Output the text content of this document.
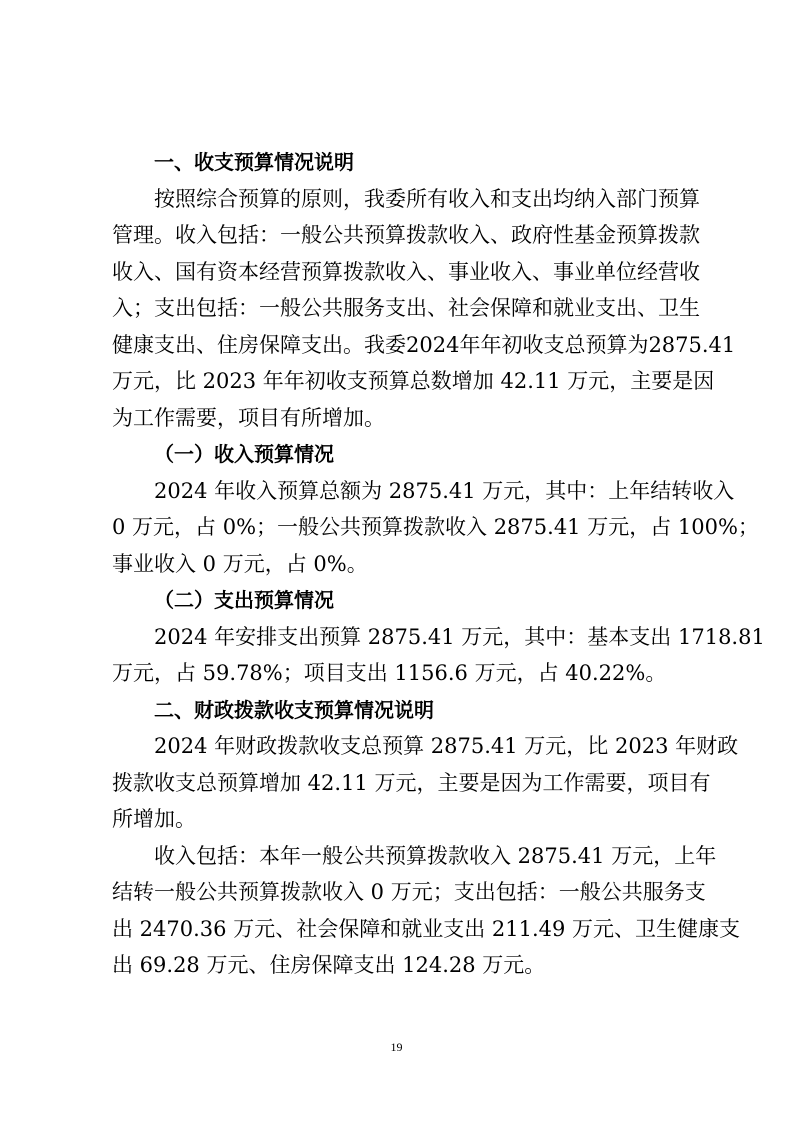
一、收支预算情况说明
按照综合预算的原则，我委所有收入和支出均纳入部门预算
管理。收入包括：一般公共预算拨款收入、政府性基金预算拨款
收入、国有资本经营预算拨款收入、事业收入、事业单位经营收
入；支出包括：一般公共服务支出、社会保障和就业支出、卫生
健康支出、住房保障支出。我委2024年年初收支总预算为2875.41
万元，比 2023 年年初收支预算总数增加 42.11 万元，主要是因
为工作需要，项目有所增加。
（一）收入预算情况
2024 年收入预算总额为 2875.41 万元，其中：上年结转收入
0 万元，占 0%；一般公共预算拨款收入 2875.41 万元，占 100%；
事业收入 0 万元，占 0%。
（二）支出预算情况
2024 年安排支出预算 2875.41 万元，其中：基本支出 1718.81
万元，占 59.78%；项目支出 1156.6 万元，占 40.22%。
二、财政拨款收支预算情况说明
2024 年财政拨款收支总预算 2875.41 万元，比 2023 年财政
拨款收支总预算增加 42.11 万元，主要是因为工作需要，项目有
所增加。
收入包括：本年一般公共预算拨款收入 2875.41 万元，上年
结转一般公共预算拨款收入 0 万元；支出包括：一般公共服务支
出 2470.36 万元、社会保障和就业支出 211.49 万元、卫生健康支
出 69.28 万元、住房保障支出 124.28 万元。
19
